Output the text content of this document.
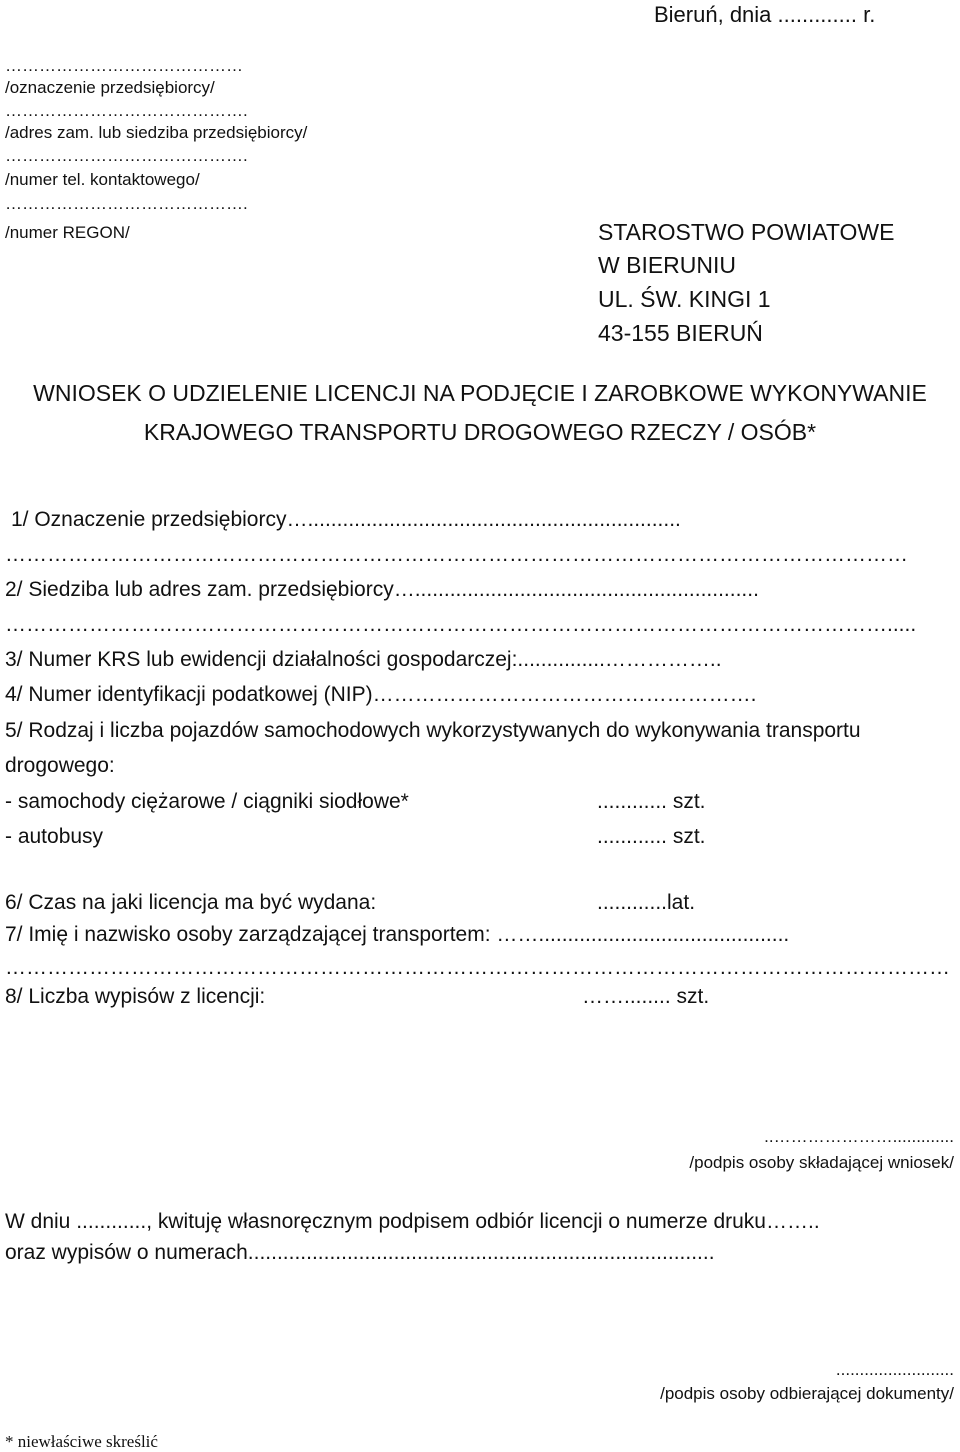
Bieruń, dnia ............. r.
……………………………………
/oznaczenie przedsiębiorcy/
…………………………………….
/adres zam. lub siedziba przedsiębiorcy/
…………………………………….
/numer tel. kontaktowego/
…………………………………….
/numer REGON/	STAROSTWO POWIATOWE
W BIERUNIU
UL. ŚW. KINGI 1
43-155 BIERUŃ
WNIOSEK O UDZIELENIE LICENCJI NA PODJĘCIE I ZAROBKOWE WYKONYWANIE
KRAJOWEGO TRANSPORTU DROGOWEGO RZECZY / OSÓB*
1/ Oznaczenie przedsiębiorcy…................................................................
…………………………………………………………………………………………………………………
2/ Siedziba lub adres zam. przedsiębiorcy…...........................................................
……………………………………………………………………………………………………………….....
3/ Numer KRS lub ewidencji działalności gospodarczej:...............……………..
4/ Numer identyfikacji podatkowej (NIP)……………………………………………….
5/ Rodzaj i liczba pojazdów samochodowych wykorzystywanych do wykonywania transportu
drogowego:
- samochody ciężarowe / ciągniki siodłowe*	............ szt.
- autobusy	............ szt.
6/ Czas na jaki licencja ma być wydana:	............lat.
7/ Imię i nazwisko osoby zarządzającej transportem: ……...........................................
………………………………………………………………………………………………………………………
8/ Liczba wypisów z licencji:	……........ szt.
..………………….............
/podpis osoby składającej wniosek/
W dniu ............, kwituję własnoręcznym podpisem odbiór licencji o numerze druku……..
oraz wypisów o numerach................................................................................
.........................
/podpis osoby odbierającej dokumenty/
* niewłaściwe skreślić
